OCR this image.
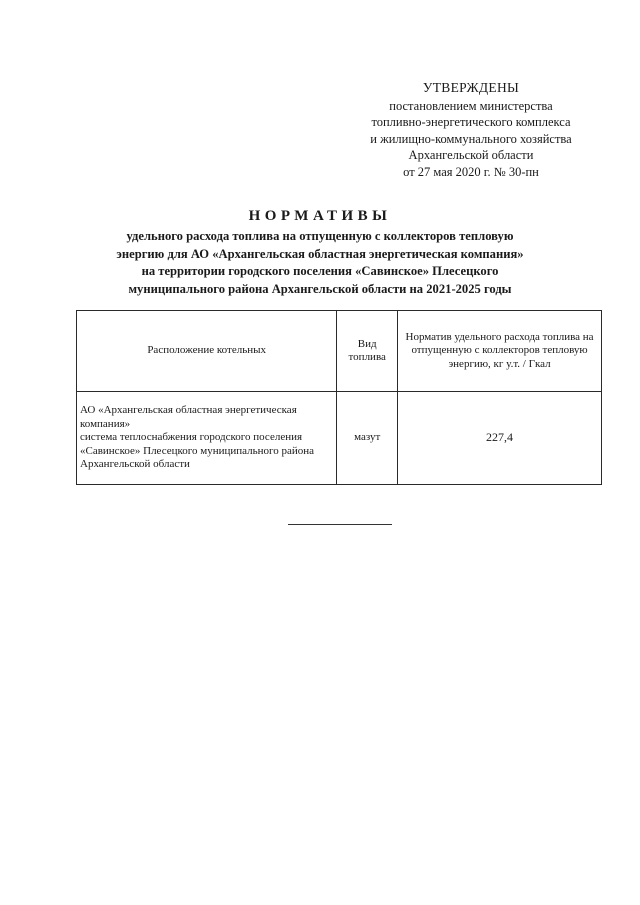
УТВЕРЖДЕНЫ
постановлением министерства
топливно-энергетического комплекса
и жилищно-коммунального хозяйства
Архангельской области
от 27 мая 2020 г. № 30-пн
НОРМАТИВЫ
удельного расхода топлива на отпущенную с коллекторов тепловую
энергию для АО «Архангельская областная энергетическая компания»
на территории городского поселения «Савинское» Плесецкого
муниципального района Архангельской области на 2021-2025 годы
Расположение котельных	Вид топлива	Норматив удельного расхода топлива на отпущенную с коллекторов тепловую энергию, кг у.т. / Гкал

АО «Архангельская областная энергетическая компания»
система теплоснабжения городского поселения «Савинское» Плесецкого муниципального района Архангельской области	мазут	227,4
